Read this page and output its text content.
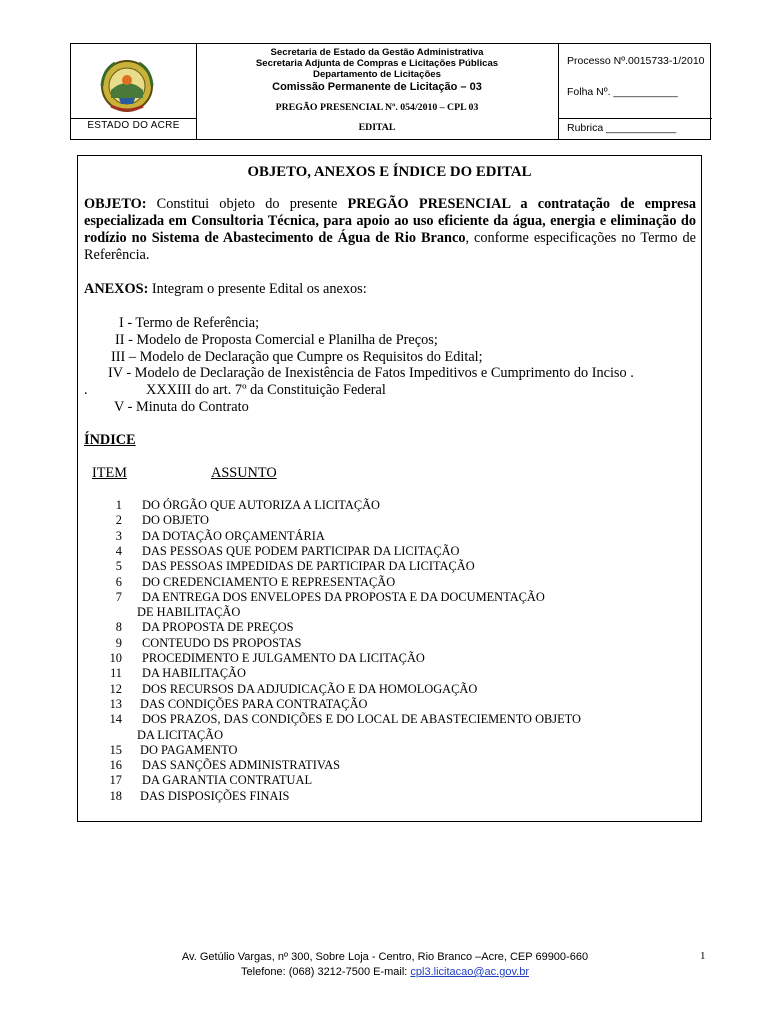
ESTADO DO ACRE
Secretaria de Estado da Gestão Administrativa
Secretaria Adjunta de Compras e Licitações Públicas
Departamento de Licitações
Comissão Permanente de Licitação – 03
PREGÃO PRESENCIAL Nº. 054/2010 – CPL 03
EDITAL
Processo Nº.0015733-1/2010
Folha Nº. ___________
Rubrica ____________
OBJETO, ANEXOS E ÍNDICE DO EDITAL
OBJETO: Constitui objeto do presente PREGÃO PRESENCIAL a contratação de empresa especializada em Consultoria Técnica, para apoio ao uso eficiente da água, energia e eliminação do rodízio no Sistema de Abastecimento de Água de Rio Branco, conforme especificações no Termo de Referência.
ANEXOS: Integram o presente Edital os anexos:
I - Termo de Referência;
II - Modelo de Proposta Comercial e Planilha de Preços;
III – Modelo de Declaração que Cumpre os Requisitos do Edital;
IV - Modelo de Declaração de Inexistência de Fatos Impeditivos e Cumprimento do Inciso .
.	XXXIII do art. 7º da Constituição Federal
V - Minuta do Contrato
ÍNDICE
ITEM	ASSUNTO
1 DO ÓRGÃO QUE AUTORIZA A LICITAÇÃO
2 DO OBJETO
3 DA DOTAÇÃO ORÇAMENTÁRIA
4 DAS PESSOAS QUE PODEM PARTICIPAR DA LICITAÇÃO
5 DAS PESSOAS IMPEDIDAS DE PARTICIPAR DA LICITAÇÃO
6 DO CREDENCIAMENTO E REPRESENTAÇÃO
7 DA ENTREGA DOS ENVELOPES DA PROPOSTA E DA DOCUMENTAÇÃO
DE HABILITAÇÃO
8 DA PROPOSTA DE PREÇOS
9 CONTEUDO DS PROPOSTAS
10 PROCEDIMENTO E JULGAMENTO DA LICITAÇÃO
11 DA HABILITAÇÃO
12 DOS RECURSOS DA ADJUDICAÇÃO E DA HOMOLOGAÇÃO
13 DAS CONDIÇÕES PARA CONTRATAÇÃO
14 DOS PRAZOS, DAS CONDIÇÕES E DO LOCAL DE ABASTECIEMENTO OBJETO
DA LICITAÇÃO
15 DO PAGAMENTO
16 DAS SANÇÕES ADMINISTRATIVAS
17 DA GARANTIA CONTRATUAL
18 DAS DISPOSIÇÕES FINAIS
Av. Getúlio Vargas, nº 300, Sobre Loja - Centro, Rio Branco –Acre, CEP 69900-660
Telefone: (068) 3212-7500 E-mail: cpl3.licitacao@ac.gov.br
1
